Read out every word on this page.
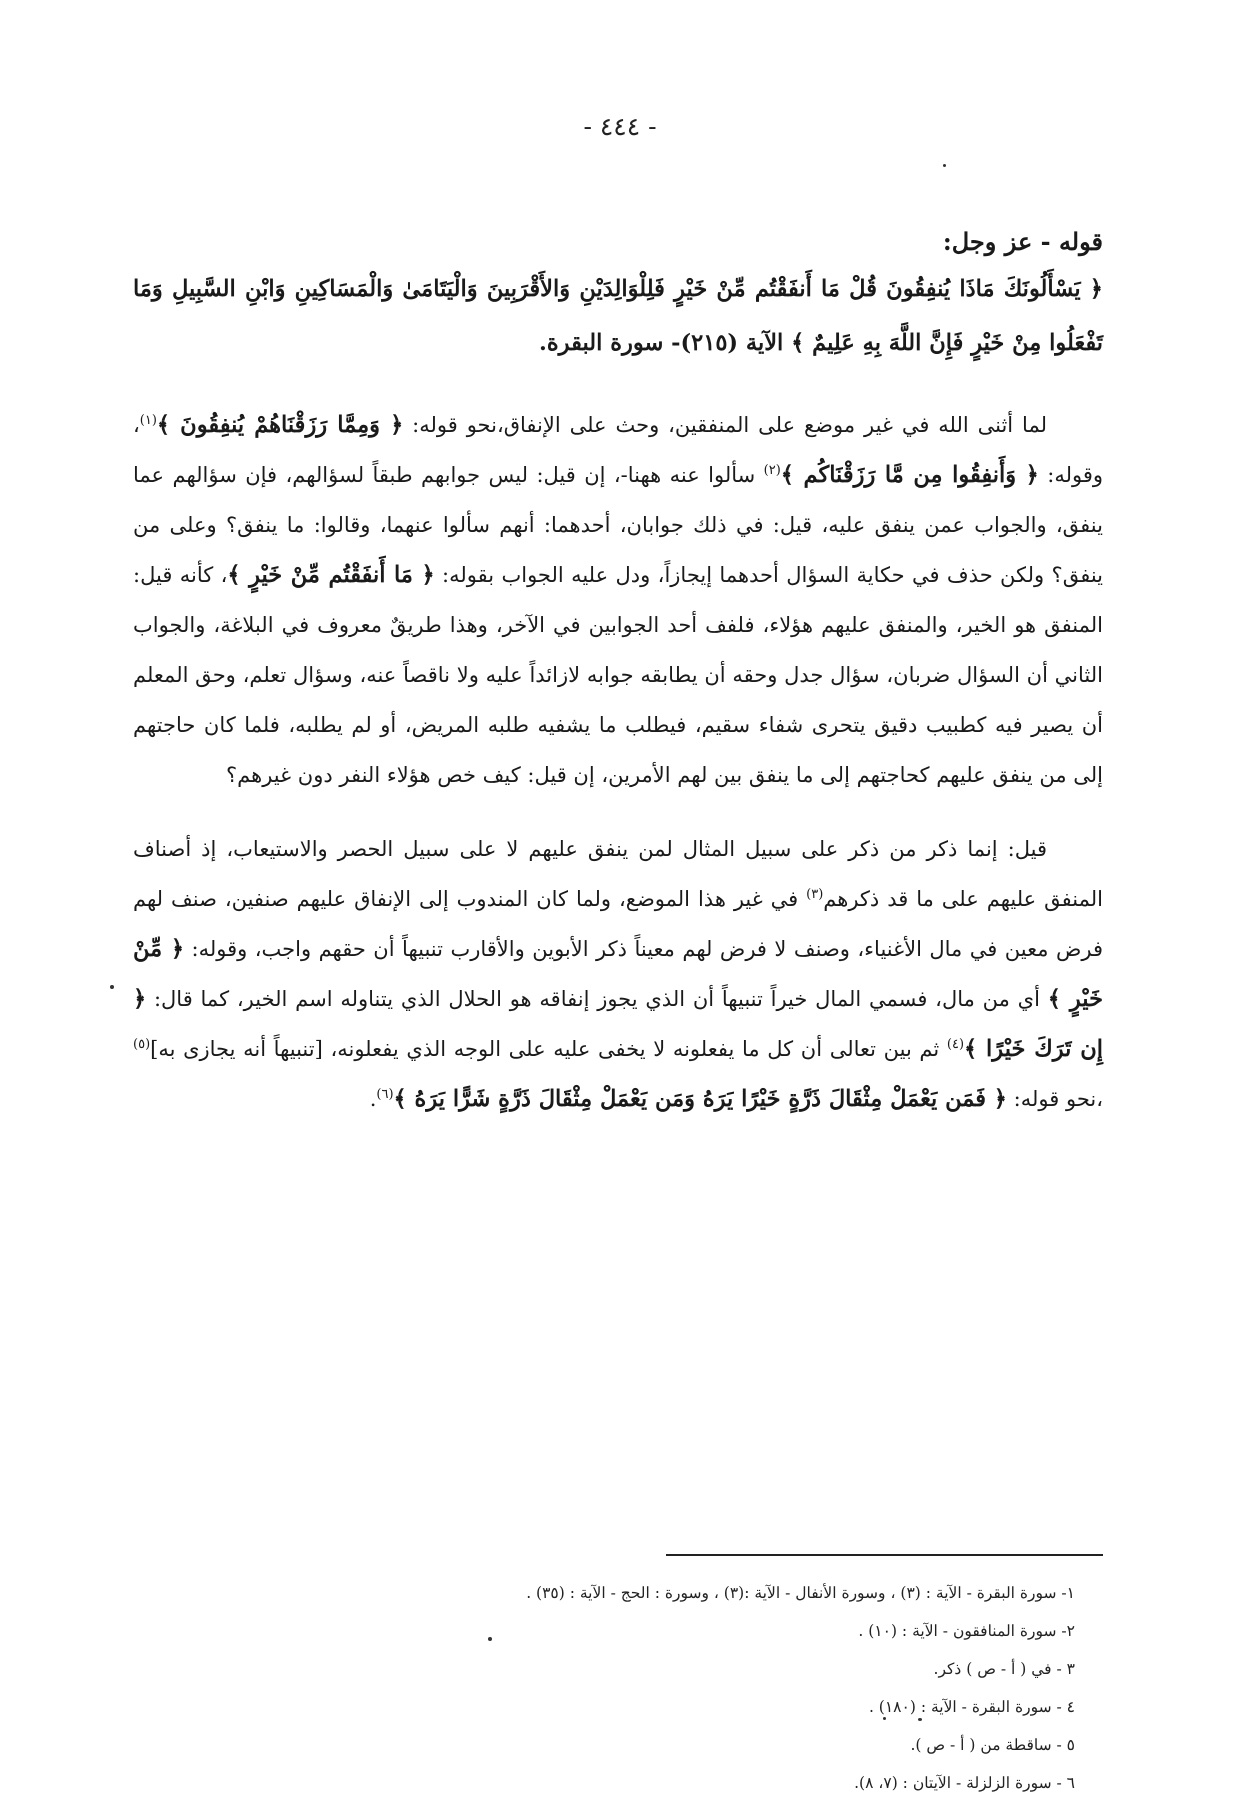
- ٤٤٤ -

قوله - عز وجل:

﴿ يَسْأَلُونَكَ مَاذَا يُنفِقُونَ قُلْ مَا أَنفَقْتُم مِّنْ خَيْرٍ فَلِلْوَالِدَيْنِ وَالأَقْرَبِينَ وَالْيَتَامَىٰ وَالْمَسَاكِينِ وَابْنِ السَّبِيلِ وَمَا تَفْعَلُوا مِنْ خَيْرٍ فَإِنَّ اللَّهَ بِهِ عَلِيمٌ ﴾ الآية (٢١٥)- سورة البقرة.

لما أثنى الله في غير موضع على المنفقين، وحث على الإنفاق،نحو قوله: ﴿ وَمِمَّا رَزَقْنَاهُمْ يُنفِقُونَ ﴾$^{(١)}$، وقوله: ﴿ وَأَنفِقُوا مِن مَّا رَزَقْنَاكُم ﴾$^{(٢)}$ سألوا عنه ههنا-، إن قيل: ليس جوابهم طبقاً لسؤالهم، فإن سؤالهم عما ينفق، والجواب عمن ينفق عليه، قيل: في ذلك جوابان، أحدهما: أنهم سألوا عنهما، وقالوا: ما ينفق؟ وعلى من ينفق؟ ولكن حذف في حكاية السؤال أحدهما إيجازاً، ودل عليه الجواب بقوله: ﴿ مَا أَنفَقْتُم مِّنْ خَيْرٍ ﴾، كأنه قيل: المنفق هو الخير، والمنفق عليهم هؤلاء، فلفف أحد الجوابين في الآخر، وهذا طريقٌ معروف في البلاغة، والجواب الثاني أن السؤال ضربان، سؤال جدل وحقه أن يطابقه جوابه لازائداً عليه ولا ناقصاً عنه، وسؤال تعلم، وحق المعلم أن يصير فيه كطبيب دقيق يتحرى شفاء سقيم، فيطلب ما يشفيه طلبه المريض، أو لم يطلبه، فلما كان حاجتهم إلى من ينفق عليهم كحاجتهم إلى ما ينفق بين لهم الأمرين، إن قيل: كيف خص هؤلاء النفر دون غيرهم؟

قيل: إنما ذكر من ذكر على سبيل المثال لمن ينفق عليهم لا على سبيل الحصر والاستيعاب، إذ أصناف المنفق عليهم على ما قد ذكرهم$^{(٣)}$ في غير هذا الموضع، ولما كان المندوب إلى الإنفاق عليهم صنفين، صنف لهم فرض معين في مال الأغنياء، وصنف لا فرض لهم معيناً ذكر الأبوين والأقارب تنبيهاً أن حقهم واجب، وقوله: ﴿ مِّنْ خَيْرٍ ﴾ أي من مال، فسمي المال خيراً تنبيهاً أن الذي يجوز إنفاقه هو الحلال الذي يتناوله اسم الخير، كما قال: ﴿ إِن تَرَكَ خَيْرًا ﴾$^{(٤)}$ ثم بين تعالى أن كل ما يفعلونه لا يخفى عليه على الوجه الذي يفعلونه، [تنبيهاً أنه يجازى به]$^{(٥)}$ ،نحو قوله: ﴿ فَمَن يَعْمَلْ مِثْقَالَ ذَرَّةٍ خَيْرًا يَرَهُ وَمَن يَعْمَلْ مِثْقَالَ ذَرَّةٍ شَرًّا يَرَهُ ﴾$^{(٦)}$.

١- سورة البقرة - الآية : (٣) ، وسورة الأنفال - الآية :(٣) ، وسورة : الحج - الآية : (٣٥) .
٢- سورة المنافقون - الآية : (١٠) .
٣ - في ( أ - ص ) ذكر.
٤ - سورة البقرة - الآية : (١٨٠) .
٥ - ساقطة من ( أ - ص ).
٦ - سورة الزلزلة - الآيتان : (٧، ٨).
